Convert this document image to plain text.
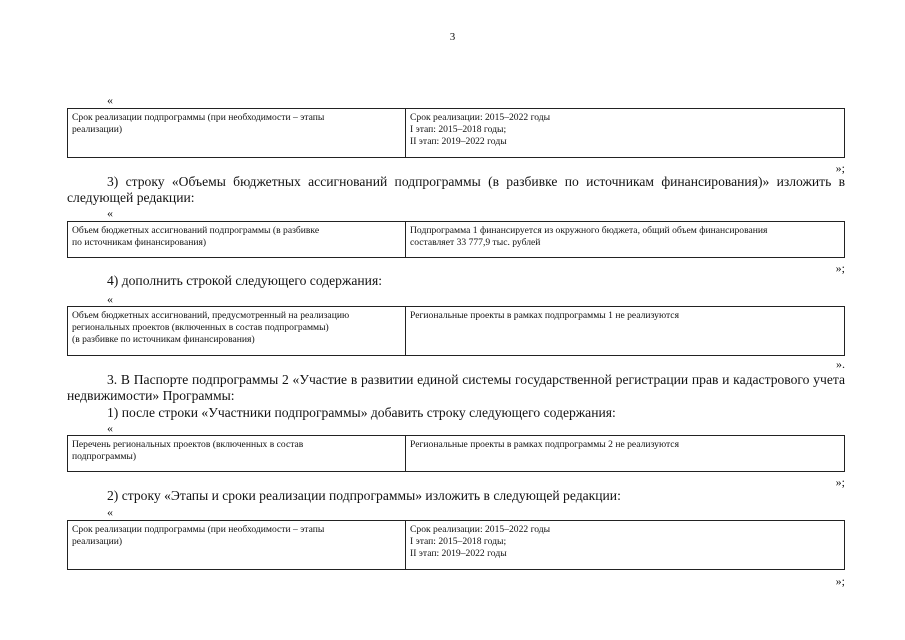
3
«
Срок реализации подпрограммы (при необходимости – этапы
реализации)

Срок реализации: 2015–2022 годы
I этап: 2015–2018 годы;
II этап: 2019–2022 годы
»;
3) строку «Объемы бюджетных ассигнований подпрограммы (в разбивке по источникам финансирования)» изложить в следующей редакции:
«
Объем бюджетных ассигнований подпрограммы (в разбивке
по источникам финансирования)

Подпрограмма 1 финансируется из окружного бюджета, общий объем финансирования
составляет 33 777,9 тыс. рублей
»;
4) дополнить строкой следующего содержания:
«
Объем бюджетных ассигнований, предусмотренный на реализацию
региональных проектов (включенных в состав подпрограммы)
(в разбивке по источникам финансирования)

Региональные проекты в рамках подпрограммы 1 не реализуются
».
3. В Паспорте подпрограммы 2 «Участие в развитии единой системы государственной регистрации прав и кадастрового учета недвижимости» Программы:
1) после строки «Участники подпрограммы» добавить строку следующего содержания:
«
Перечень региональных проектов (включенных в состав
подпрограммы)

Региональные проекты в рамках подпрограммы 2 не реализуются
»;
2) строку «Этапы и сроки реализации подпрограммы» изложить в следующей редакции:
«
Срок реализации подпрограммы (при необходимости – этапы
реализации)

Срок реализации: 2015–2022 годы
I этап: 2015–2018 годы;
II этап: 2019–2022 годы
»;
